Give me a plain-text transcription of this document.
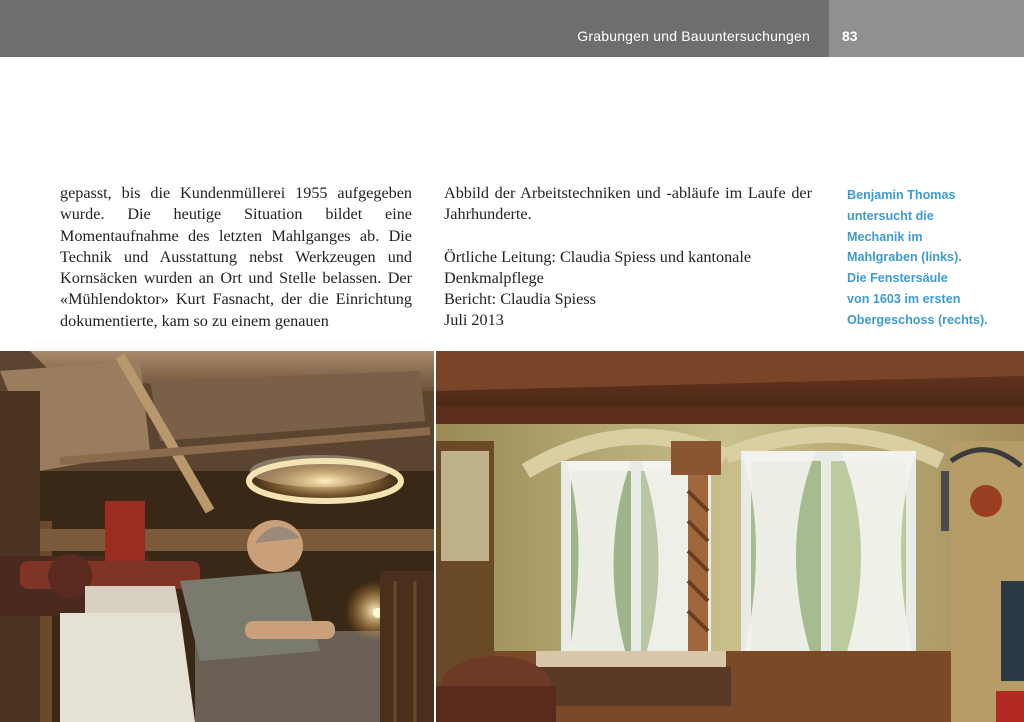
Grabungen und Bauuntersuchungen 83

gepasst, bis die Kundenmüllerei 1955 aufgegeben wurde. Die heutige Situation bildet eine Momentaufnahme des letzten Mahlganges ab. Die Technik und Ausstattung nebst Werkzeugen und Kornsäcken wurden an Ort und Stelle belassen. Der «Mühlendoktor» Kurt Fasnacht, der die Einrichtung dokumentierte, kam so zu einem genauen

Abbild der Arbeitstechniken und -abläufe im Laufe der Jahrhunderte.

Örtliche Leitung: Claudia Spiess und kantonale Denkmalpflege

Bericht: Claudia Spiess

Juli 2013

Benjamin Thomas

untersucht die

Mechanik im

Mahlgraben (links).

Die Fenstersäule

von 1603 im ersten

Obergeschoss (rechts).
